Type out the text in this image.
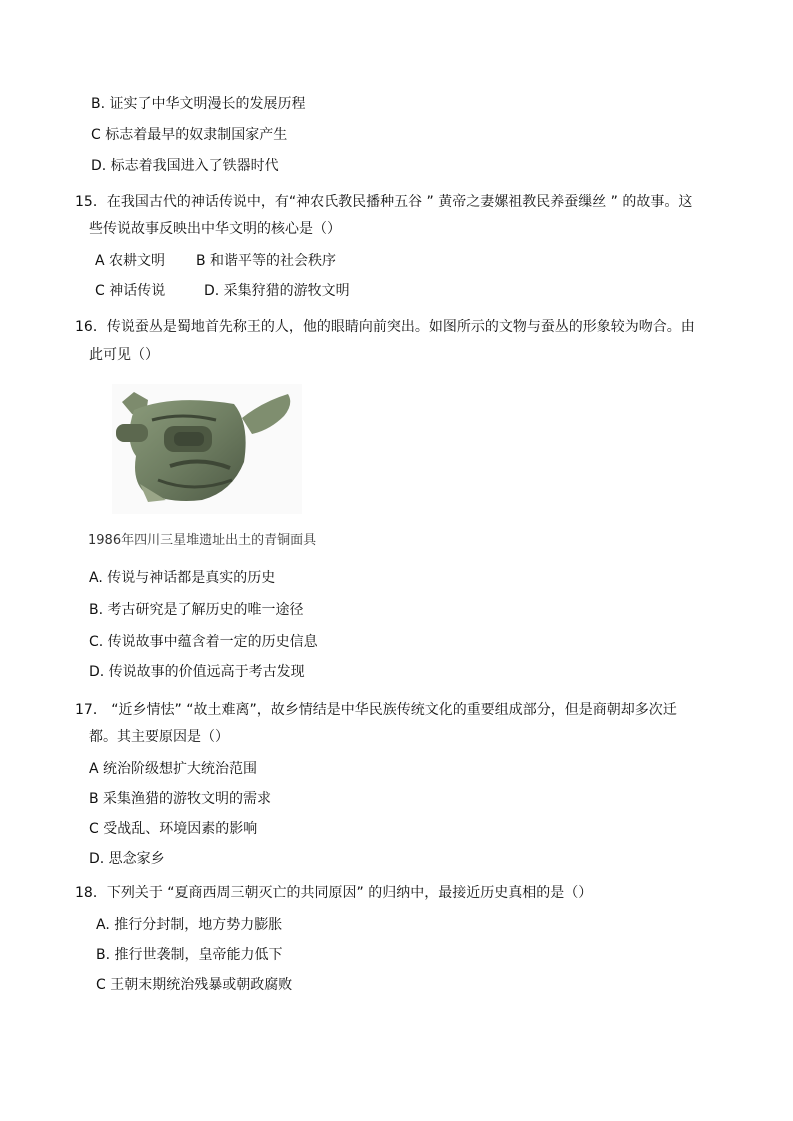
B. 证实了中华文明漫长的发展历程
C 标志着最早的奴隶制国家产生
D. 标志着我国进入了铁器时代
15．在我国古代的神话传说中，有“神农氏教民播种五谷 ” 黄帝之妻嫘祖教民养蚕缫丝 ” 的故事。这
些传说故事反映出中华文明的核心是（）
A 农耕文明 B 和谐平等的社会秩序
C 神话传说	D. 采集狩猎的游牧文明
16．传说蚕丛是蜀地首先称王的人，他的眼睛向前突出。如图所示的文物与蚕丛的形象较为吻合。由
此可见（）
1986年四川三星堆遗址出土的青铜面具
A. 传说与神话都是真实的历史
B. 考古研究是了解历史的唯一途径
C. 传说故事中蕴含着一定的历史信息
D. 传说故事的价值远高于考古发现
17． “近乡情怯” “故土难离”，故乡情结是中华民族传统文化的重要组成部分，但是商朝却多次迁
都。其主要原因是（）
A 统治阶级想扩大统治范围
B 采集渔猎的游牧文明的需求
C 受战乱、环境因素的影响
D. 思念家乡
18．下列关于 “夏商西周三朝灭亡的共同原因” 的归纳中，最接近历史真相的是（）
A. 推行分封制，地方势力膨胀
B. 推行世袭制，皇帝能力低下
C 王朝末期统治残暴或朝政腐败
